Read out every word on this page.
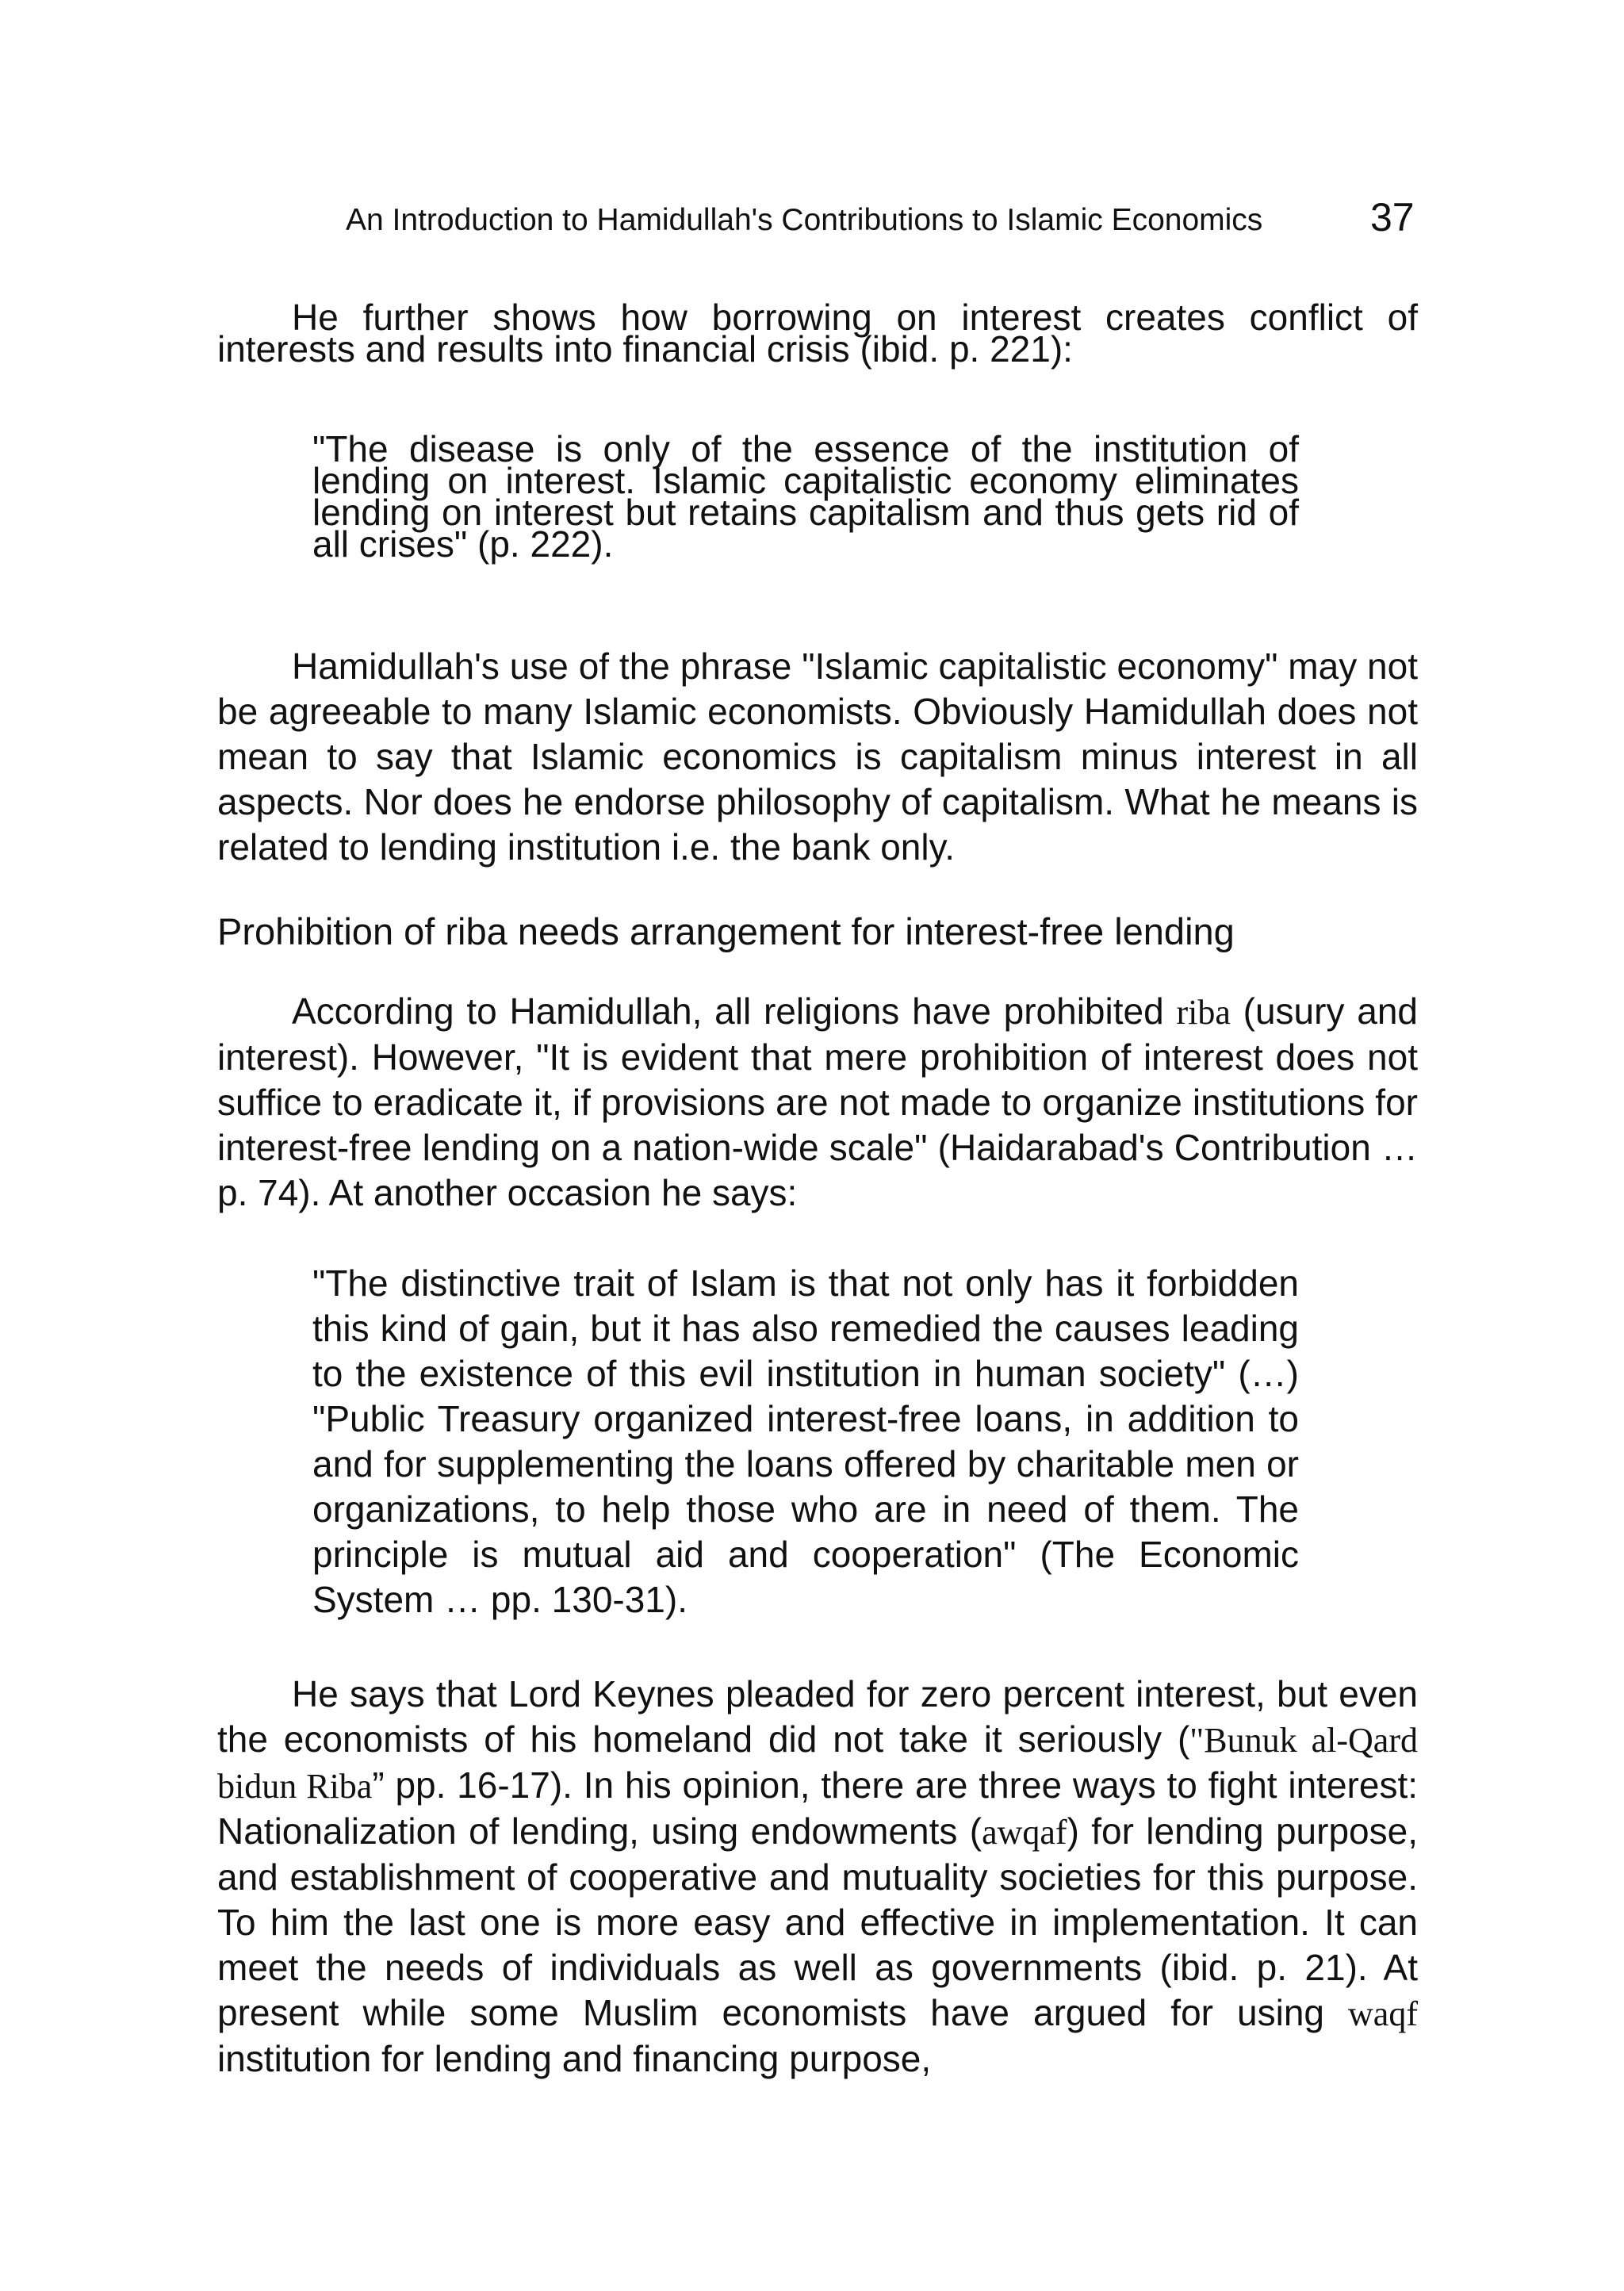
An Introduction to Hamidullah's Contributions to Islamic Economics	37

He further shows how borrowing on interest creates conflict of interests and results into financial crisis (ibid. p. 221):

"The disease is only of the essence of the institution of lending on interest. Islamic capitalistic economy eliminates lending on interest but retains capitalism and thus gets rid of all crises" (p. 222).

Hamidullah's use of the phrase "Islamic capitalistic economy" may not be agreeable to many Islamic economists. Obviously Hamidullah does not mean to say that Islamic economics is capitalism minus interest in all aspects. Nor does he endorse philosophy of capitalism. What he means is related to lending institution i.e. the bank only.

Prohibition of riba needs arrangement for interest-free lending

According to Hamidullah, all religions have prohibited riba (usury and interest). However, "It is evident that mere prohibition of interest does not suffice to eradicate it, if provisions are not made to organize institutions for interest-free lending on a nation-wide scale" (Haidarabad's Contribution … p. 74). At another occasion he says:

"The distinctive trait of Islam is that not only has it forbidden this kind of gain, but it has also remedied the causes leading to the existence of this evil institution in human society" (…) "Public Treasury organized interest-free loans, in addition to and for supplementing the loans offered by charitable men or organizations, to help those who are in need of them. The principle is mutual aid and cooperation" (The Economic System … pp. 130-31).

He says that Lord Keynes pleaded for zero percent interest, but even the economists of his homeland did not take it seriously ("Bunuk al-Qard bidun Riba” pp. 16-17). In his opinion, there are three ways to fight interest: Nationalization of lending, using endowments (awqaf) for lending purpose, and establishment of cooperative and mutuality societies for this purpose. To him the last one is more easy and effective in implementation. It can meet the needs of individuals as well as governments (ibid. p. 21). At present while some Muslim economists have argued for using waqf institution for lending and financing purpose,
